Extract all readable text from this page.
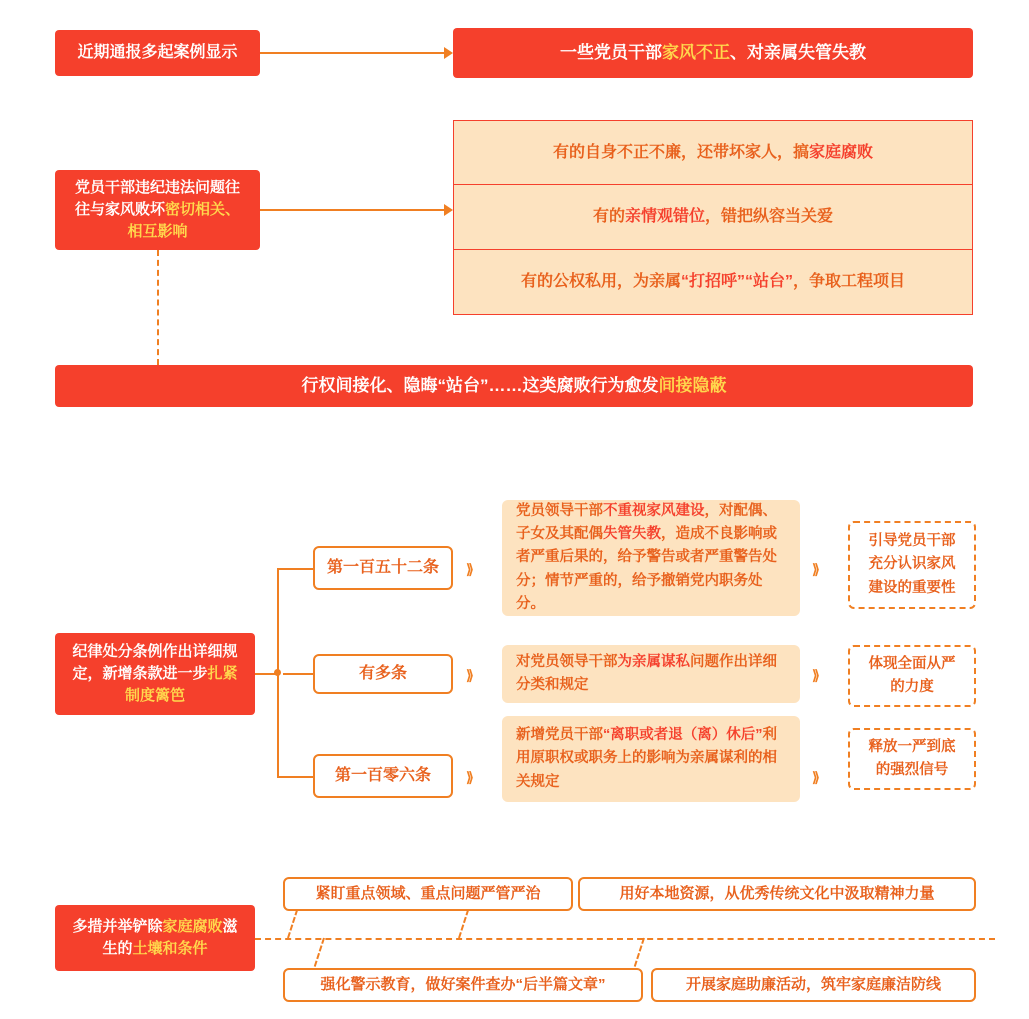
近期通报多起案例显示	一些党员干部家风不正、对亲属失管失教
党员干部违纪违法问题往往与家风败坏密切相关、相互影响
有的自身不正不廉，还带坏家人，搞家庭腐败
有的亲情观错位，错把纵容当关爱
有的公权私用，为亲属“打招呼”“站台”，争取工程项目
行权间接化、隐晦“站台”……这类腐败行为愈发间接隐蔽
纪律处分条例作出详细规定，新增条款进一步扎紧制度篱笆
第一百五十二条
有多条
第一百零六条
⟫
⟫
⟫
党员领导干部不重视家风建设，对配偶、子女及其配偶失管失教，造成不良影响或者严重后果的，给予警告或者严重警告处分；情节严重的，给予撤销党内职务处分。
对党员领导干部为亲属谋私问题作出详细分类和规定
新增党员干部“离职或者退（离）休后”利用原职权或职务上的影响为亲属谋利的相关规定
⟫
⟫
⟫
引导党员干部充分认识家风建设的重要性
体现全面从严的力度
释放一严到底的强烈信号
多措并举铲除家庭腐败滋生的土壤和条件
紧盯重点领域、重点问题严管严治	用好本地资源，从优秀传统文化中汲取精神力量
强化警示教育，做好案件查办“后半篇文章”	开展家庭助廉活动，筑牢家庭廉洁防线
